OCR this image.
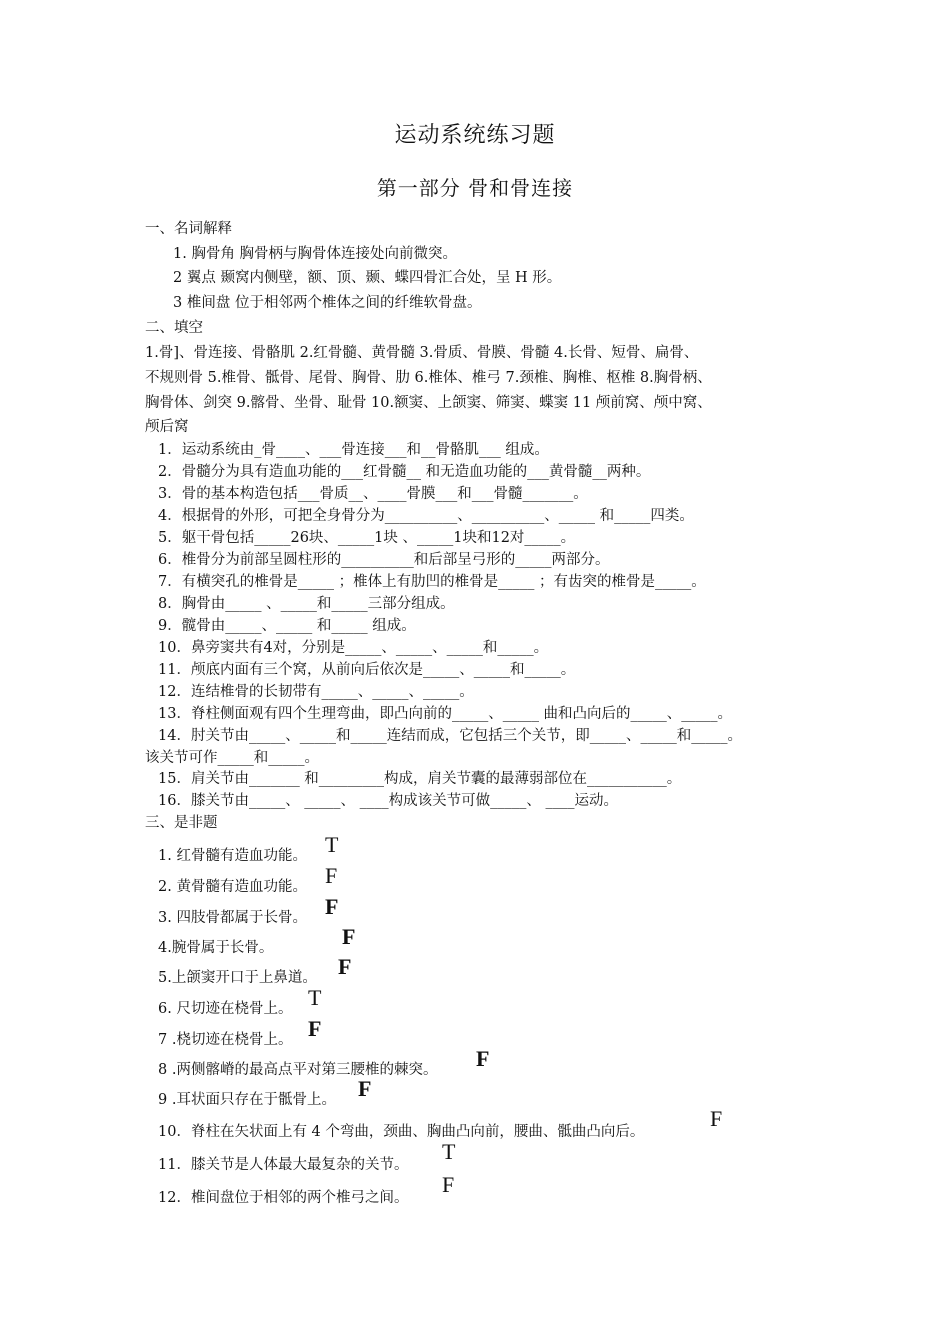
运动系统练习题
第一部分 骨和骨连接
一、名词解释
1. 胸骨角 胸骨柄与胸骨体连接处向前微突。
2 翼点 颞窝内侧壁，额、顶、颞、蝶四骨汇合处，呈 H 形。
3 椎间盘 位于相邻两个椎体之间的纤维软骨盘。
二、填空
1.骨]、骨连接、骨骼肌 2.红骨髓、黄骨髓 3.骨质、骨膜、骨髓 4.长骨、短骨、扁骨、
不规则骨 5.椎骨、骶骨、尾骨、胸骨、肋 6.椎体、椎弓 7.颈椎、胸椎、枢椎 8.胸骨柄、
胸骨体、剑突 9.髂骨、坐骨、耻骨 10.额窦、上颌窦、筛窦、蝶窦 11 颅前窝、颅中窝、
颅后窝
1．运动系统由_骨____、___骨连接___和__骨骼肌___ 组成。
2．骨髓分为具有造血功能的___红骨髓__ 和无造血功能的___黄骨髓__两种。
3．骨的基本构造包括___骨质__、____骨膜___和___骨髓_______。
4．根据骨的外形，可把全身骨分为__________、__________、_____ 和_____四类。
5．躯干骨包括_____26块、_____1块 、_____1块和12对_____。
6．椎骨分为前部呈圆柱形的__________和后部呈弓形的_____两部分。
7．有横突孔的椎骨是_____ ；椎体上有肋凹的椎骨是_____ ；有齿突的椎骨是_____。
8．胸骨由_____ 、_____和_____三部分组成。
9．髋骨由_____、_____ 和_____ 组成。
10．鼻旁窦共有4对，分别是_____、_____、_____和_____。
11．颅底内面有三个窝，从前向后依次是_____、_____和_____。
12．连结椎骨的长韧带有_____、_____、_____。
13．脊柱侧面观有四个生理弯曲，即凸向前的_____、_____ 曲和凸向后的_____、_____。
14．肘关节由_____、_____和_____连结而成，它包括三个关节，即_____、_____和_____。
该关节可作_____和_____。
15．肩关节由_______ 和_________构成，肩关节囊的最薄弱部位在___________。
16．膝关节由_____、 _____、 ____构成该关节可做_____、 ____运动。
三、是非题
1. 红骨髓有造血功能。 T
2. 黄骨髓有造血功能。 F
3. 四肢骨都属于长骨。 F
4.腕骨属于长骨。	F
5.上颌窦开口于上鼻道。 F
6. 尺切迹在桡骨上。 T
7 .桡切迹在桡骨上。 F
8 .两侧髂嵴的最高点平对第三腰椎的棘突。 F
9 .耳状面只存在于骶骨上。 F
10．脊柱在矢状面上有 4 个弯曲，颈曲、胸曲凸向前，腰曲、骶曲凸向后。
F
11．膝关节是人体最大最复杂的关节。
T
12．椎间盘位于相邻的两个椎弓之间。
F
